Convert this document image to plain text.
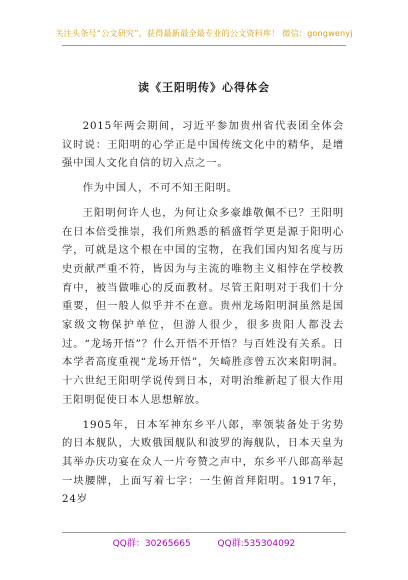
关注头条号“公文研究”，获得最新最全最专业的公文资料库！ 微信：gongwenyj
读《王阳明传》心得体会

2015年两会期间，习近平参加贵州省代表团全体会议时说：王阳明的心学正是中国传统文化中的精华，是增强中国人文化自信的切入点之一。

作为中国人，不可不知王阳明。

王阳明何许人也，为何让众多豪雄敬佩不已？王阳明在日本倍受推崇，我们所熟悉的稻盛哲学更是源于阳明心学，可就是这个根在中国的宝物，在我们国内知名度与历史贡献严重不符，皆因为与主流的唯物主义相悖在学校教育中，被当做唯心的反面教材。尽管王阳明对于我们十分重要，但一般人似乎并不在意。贵州龙场阳明洞虽然是国家级文物保护单位，但游人很少，很多贵阳人都没去过。“龙场开悟”？什么开悟不开悟？与百姓没有关系。日本学者高度重视“龙场开悟”，矢崎胜彦曾五次来阳明洞。十六世纪王阳明学说传到日本，对明治维新起了很大作用王阳明促使日本人思想解放。

1905年，日本军神东乡平八郎，率领装备处于劣势的日本舰队，大败俄国舰队和波罗的海舰队，日本天皇为其举办庆功宴在众人一片夸赞之声中，东乡平八郎高举起一块腰牌，上面写着七字：一生俯首拜阳明。1917年，24岁

QQ群：30265665	QQ群:535304092
